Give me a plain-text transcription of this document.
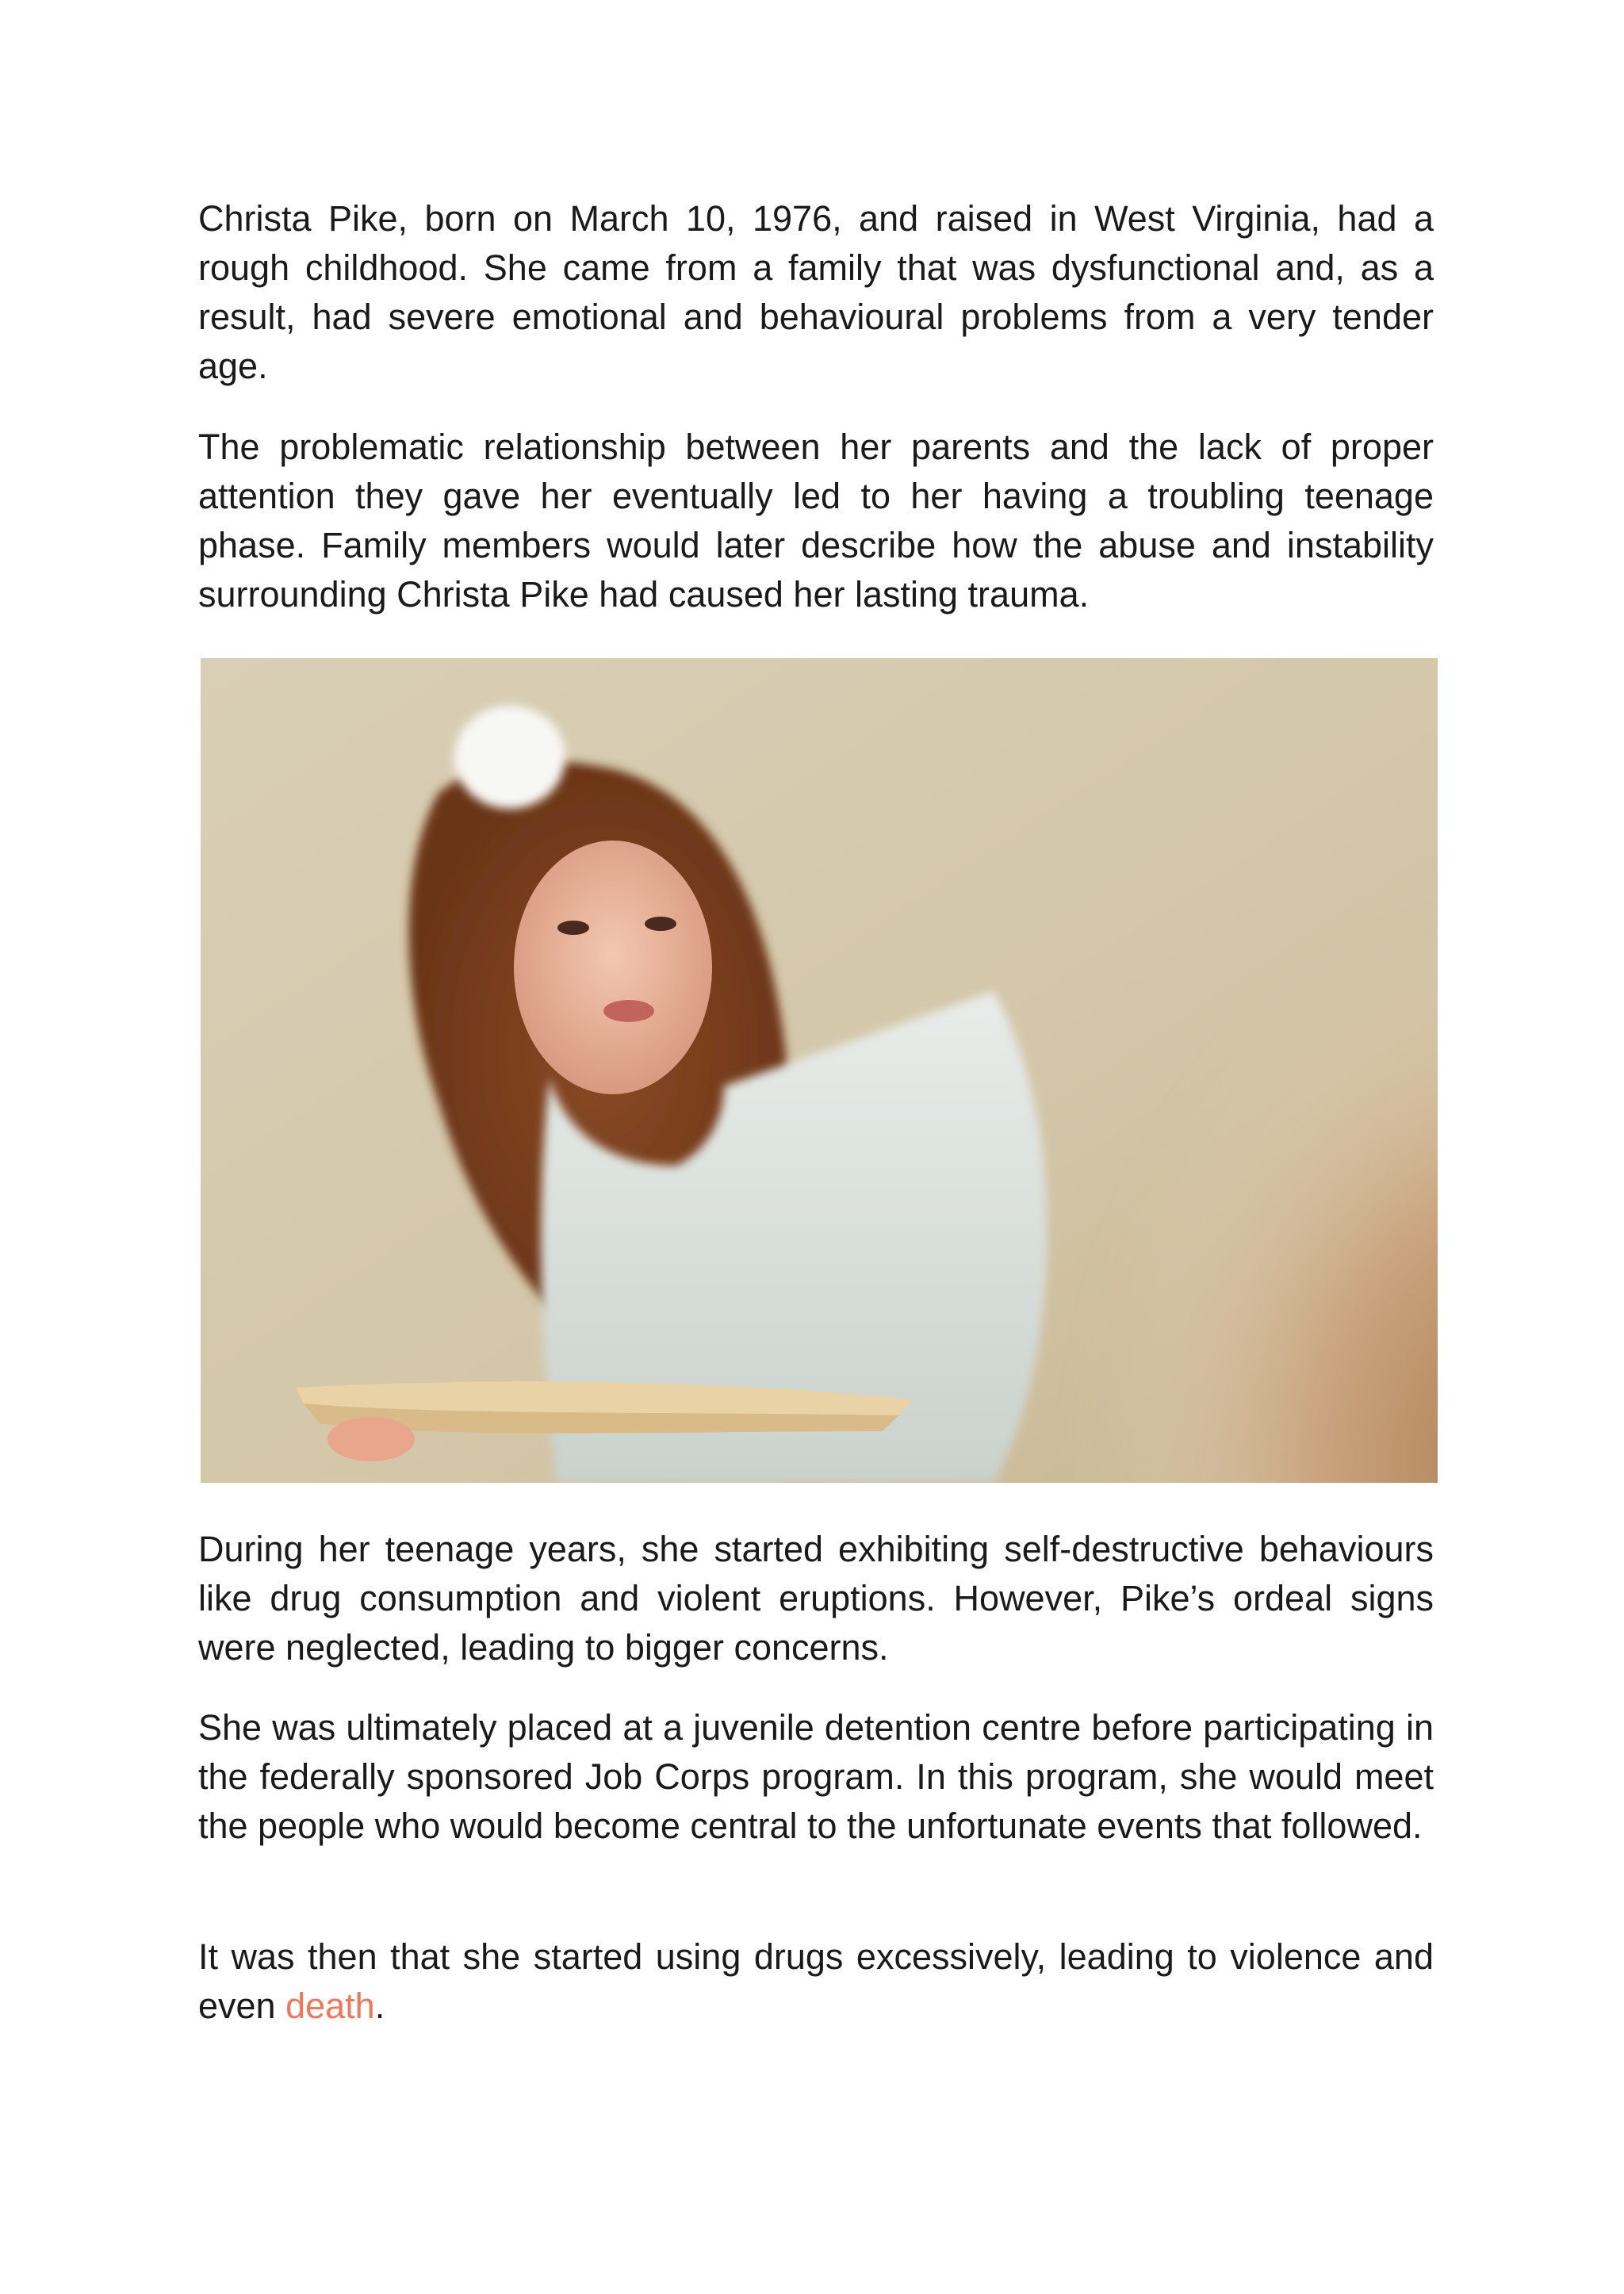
Christa Pike, born on March 10, 1976, and raised in West Virginia, had a rough childhood. She came from a family that was dysfunctional and, as a result, had severe emotional and behavioural problems from a very tender age.

The problematic relationship between her parents and the lack of proper attention they gave her eventually led to her having a troubling teenage phase. Family members would later describe how the abuse and instability surrounding Christa Pike had caused her lasting trauma.

During her teenage years, she started exhibiting self-destructive behaviours like drug consumption and violent eruptions. However, Pike’s ordeal signs were neglected, leading to bigger concerns.

She was ultimately placed at a juvenile detention centre before participating in the federally sponsored Job Corps program. In this program, she would meet the people who would become central to the unfortunate events that followed.

It was then that she started using drugs excessively, leading to violence and even death.
